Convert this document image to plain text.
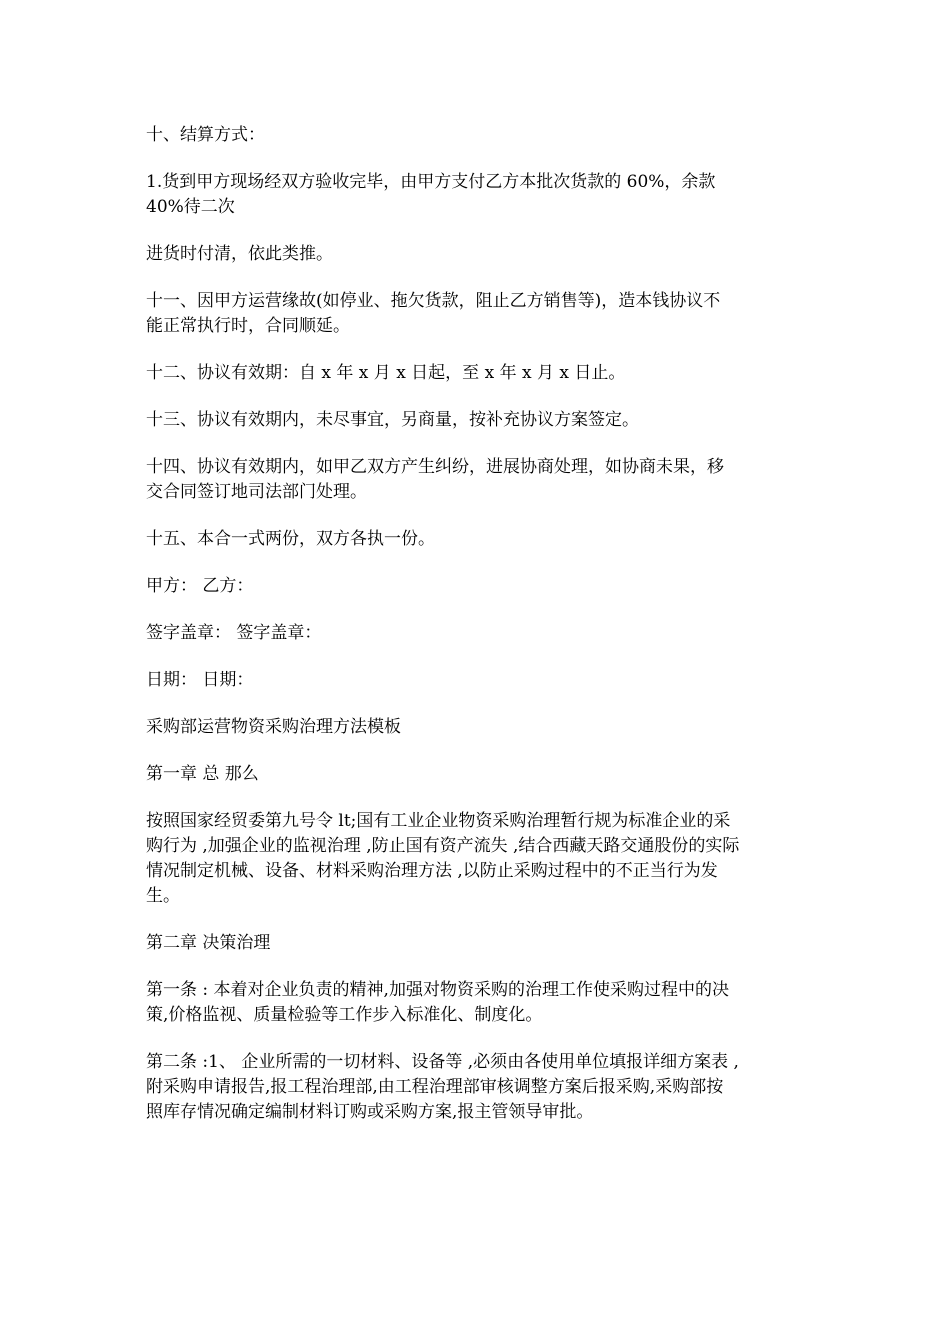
十、结算方式：

1.货到甲方现场经双方验收完毕，由甲方支付乙方本批次货款的 60%，余款
40%待二次

进货时付清，依此类推。

十一、因甲方运营缘故(如停业、拖欠货款，阻止乙方销售等)，造本钱协议不
能正常执行时，合同顺延。

十二、协议有效期：自 x 年 x 月 x 日起，至 x 年 x 月 x 日止。

十三、协议有效期内，未尽事宜，另商量，按补充协议方案签定。

十四、协议有效期内，如甲乙双方产生纠纷，进展协商处理，如协商未果，移
交合同签订地司法部门处理。

十五、本合一式两份，双方各执一份。

甲方： 乙方：

签字盖章： 签字盖章：

日期： 日期：

采购部运营物资采购治理方法模板

第一章 总 那么

按照国家经贸委第九号令 lt;国有工业企业物资采购治理暂行规为标准企业的采
购行为 ,加强企业的监视治理 ,防止国有资产流失 ,结合西藏天路交通股份的实际
情况制定机械、设备、材料采购治理方法 ,以防止采购过程中的不正当行为发
生。

第二章 决策治理

第一条 : 本着对企业负责的精神,加强对物资采购的治理工作使采购过程中的决
策,价格监视、质量检验等工作步入标准化、制度化。

第二条 :1、 企业所需的一切材料、设备等 ,必须由各使用单位填报详细方案表 ,
附采购申请报告,报工程治理部,由工程治理部审核调整方案后报采购,采购部按
照库存情况确定编制材料订购或采购方案,报主管领导审批。
